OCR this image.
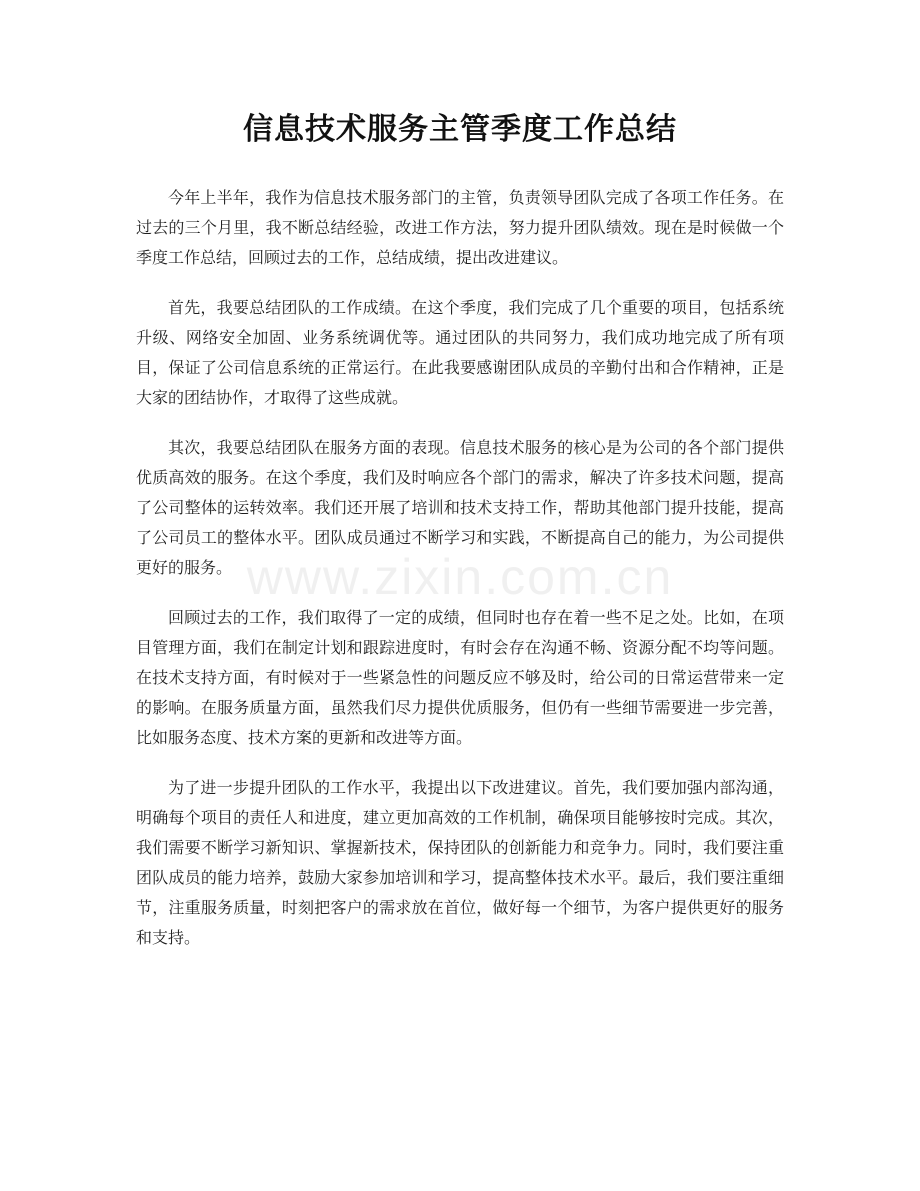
信息技术服务主管季度工作总结

今年上半年，我作为信息技术服务部门的主管，负责领导团队完成了各项工作任务。在过去的三个月里，我不断总结经验，改进工作方法，努力提升团队绩效。现在是时候做一个季度工作总结，回顾过去的工作，总结成绩，提出改进建议。

首先，我要总结团队的工作成绩。在这个季度，我们完成了几个重要的项目，包括系统升级、网络安全加固、业务系统调优等。通过团队的共同努力，我们成功地完成了所有项目，保证了公司信息系统的正常运行。在此我要感谢团队成员的辛勤付出和合作精神，正是大家的团结协作，才取得了这些成就。

其次，我要总结团队在服务方面的表现。信息技术服务的核心是为公司的各个部门提供优质高效的服务。在这个季度，我们及时响应各个部门的需求，解决了许多技术问题，提高了公司整体的运转效率。我们还开展了培训和技术支持工作，帮助其他部门提升技能，提高了公司员工的整体水平。团队成员通过不断学习和实践，不断提高自己的能力，为公司提供更好的服务。

回顾过去的工作，我们取得了一定的成绩，但同时也存在着一些不足之处。比如，在项目管理方面，我们在制定计划和跟踪进度时，有时会存在沟通不畅、资源分配不均等问题。在技术支持方面，有时候对于一些紧急性的问题反应不够及时，给公司的日常运营带来一定的影响。在服务质量方面，虽然我们尽力提供优质服务，但仍有一些细节需要进一步完善，比如服务态度、技术方案的更新和改进等方面。

为了进一步提升团队的工作水平，我提出以下改进建议。首先，我们要加强内部沟通，明确每个项目的责任人和进度，建立更加高效的工作机制，确保项目能够按时完成。其次，我们需要不断学习新知识、掌握新技术，保持团队的创新能力和竞争力。同时，我们要注重团队成员的能力培养，鼓励大家参加培训和学习，提高整体技术水平。最后，我们要注重细节，注重服务质量，时刻把客户的需求放在首位，做好每一个细节，为客户提供更好的服务和支持。

www.zixin.com.cn
